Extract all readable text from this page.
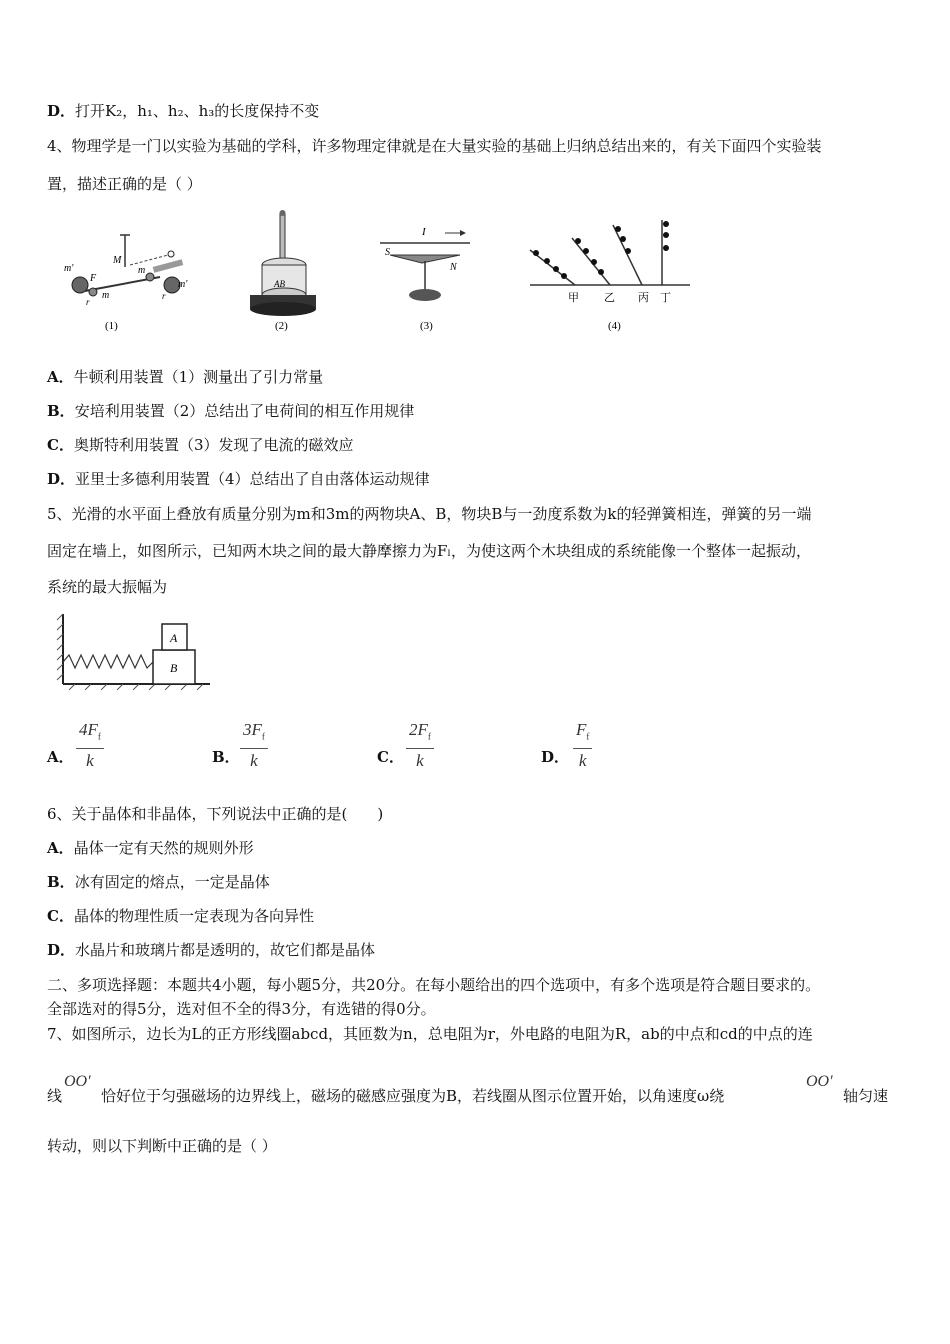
D．打开K₂，h₁、h₂、h₃的长度保持不变
4、物理学是一门以实验为基础的学科，许多物理定律就是在大量实验的基础上归纳总结出来的，有关下面四个实验装
置，描述正确的是（ ）
m'
F
m
M
m
m'
r
r
(1)
AB
(2)
I
S
N
(3)
甲 乙 丙 丁
(4)
A．牛顿利用装置（1）测量出了引力常量
B．安培利用装置（2）总结出了电荷间的相互作用规律
C．奥斯特利用装置（3）发现了电流的磁效应
D．亚里士多德利用装置（4）总结出了自由落体运动规律
5、光滑的水平面上叠放有质量分别为m和3m的两物块A、B，物块B与一劲度系数为k的轻弹簧相连，弹簧的另一端
固定在墙上，如图所示，已知两木块之间的最大静摩擦力为Fₗ，为使这两个木块组成的系统能像一个整体一起振动，
系统的最大振幅为
A
B
A．
$4F_f$
k	B．
$3F_f$
k	C．
$2F_f$
k	D．
$F_f$
k
6、关于晶体和非晶体，下列说法中正确的是(　　)
A．晶体一定有天然的规则外形
B．冰有固定的熔点，一定是晶体
C．晶体的物理性质一定表现为各向异性
D．水晶片和玻璃片都是透明的，故它们都是晶体
二、多项选择题：本题共4小题，每小题5分，共20分。在每小题给出的四个选项中，有多个选项是符合题目要求的。
全部选对的得5分，选对但不全的得3分，有选错的得0分。
7、如图所示，边长为L的正方形线圈abcd，其匝数为n，总电阻为r，外电路的电阻为R，ab的中点和cd的中点的连
线
OO′
恰好位于匀强磁场的边界线上，磁场的磁感应强度为B，若线圈从图示位置开始，以角速度ω绕
OO′
轴匀速
转动，则以下判断中正确的是（ ）
